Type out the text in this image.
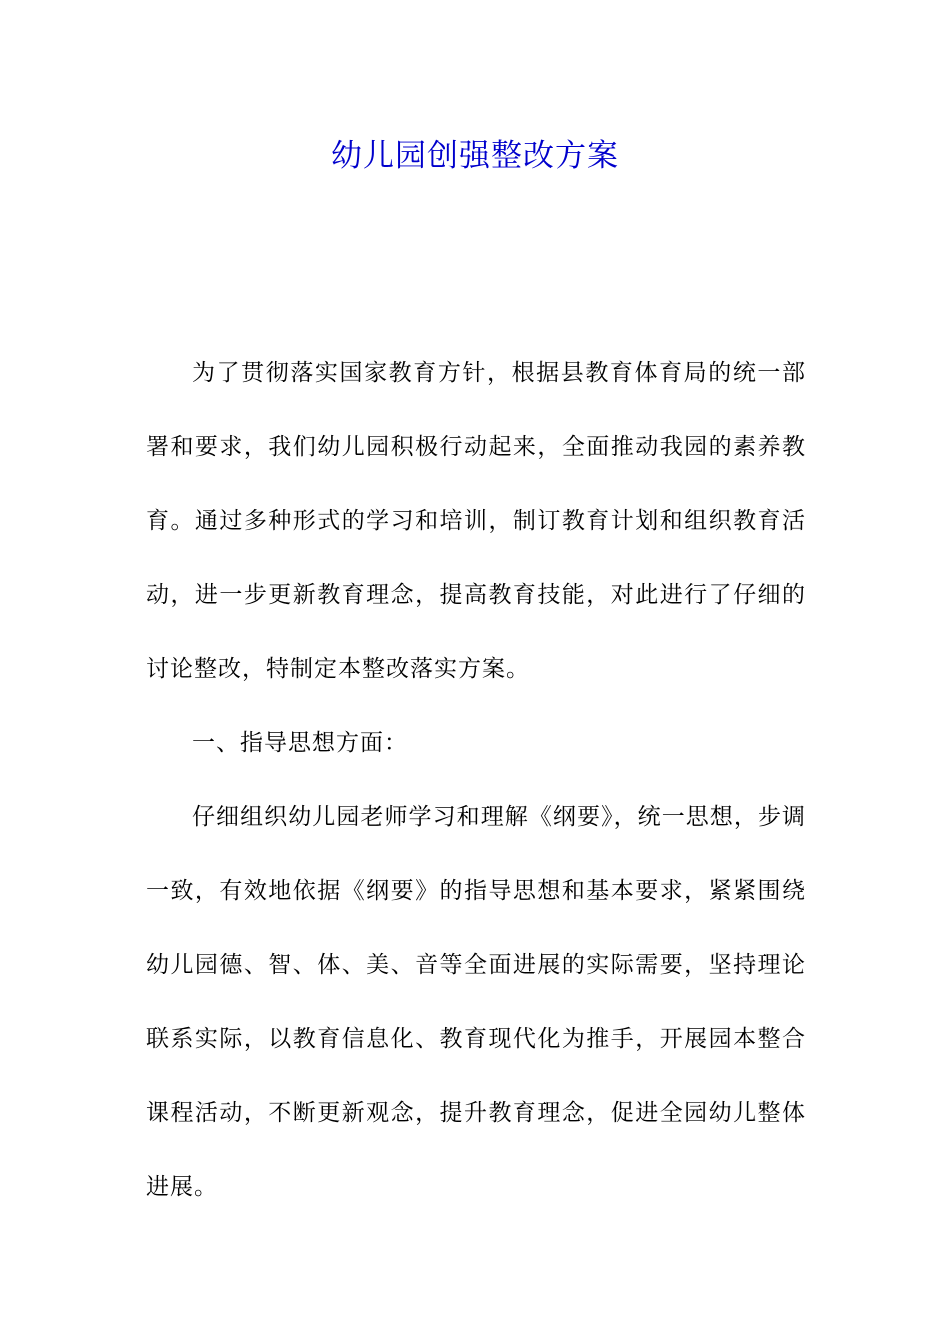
幼儿园创强整改方案

为了贯彻落实国家教育方针，根据县教育体育局的统一部署和要求，我们幼儿园积极行动起来，全面推动我园的素养教育。通过多种形式的学习和培训，制订教育计划和组织教育活动，进一步更新教育理念，提高教育技能，对此进行了仔细的讨论整改，特制定本整改落实方案。

一、指导思想方面：

仔细组织幼儿园老师学习和理解《纲要》，统一思想，步调一致，有效地依据《纲要》的指导思想和基本要求，紧紧围绕幼儿园德、智、体、美、音等全面进展的实际需要，坚持理论联系实际，以教育信息化、教育现代化为推手，开展园本整合课程活动，不断更新观念，提升教育理念，促进全园幼儿整体进展。
